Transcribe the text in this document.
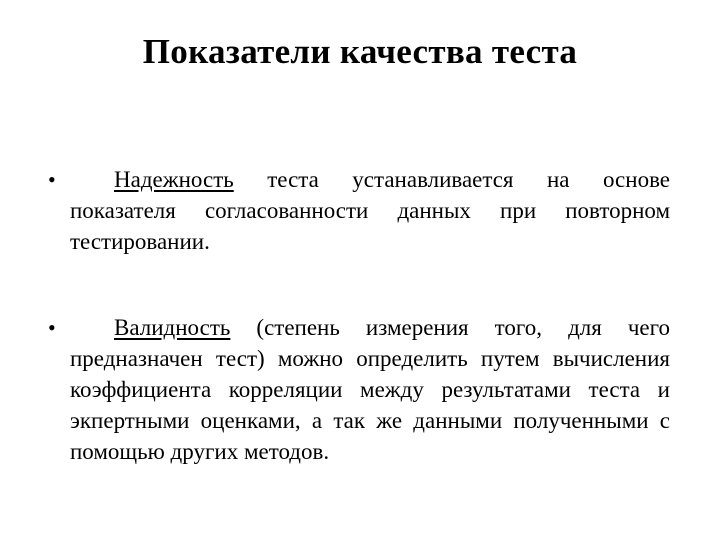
Показатели качества теста
•	Надежность теста устанавливается на основе показателя согласованности данных при повторном тестировании.
•	Валидность (степень измерения того, для чего предназначен тест) можно определить путем вычисления коэффициента корреляции между результатами теста и экпертными оценками, а так же данными полученными с помощью других методов.
